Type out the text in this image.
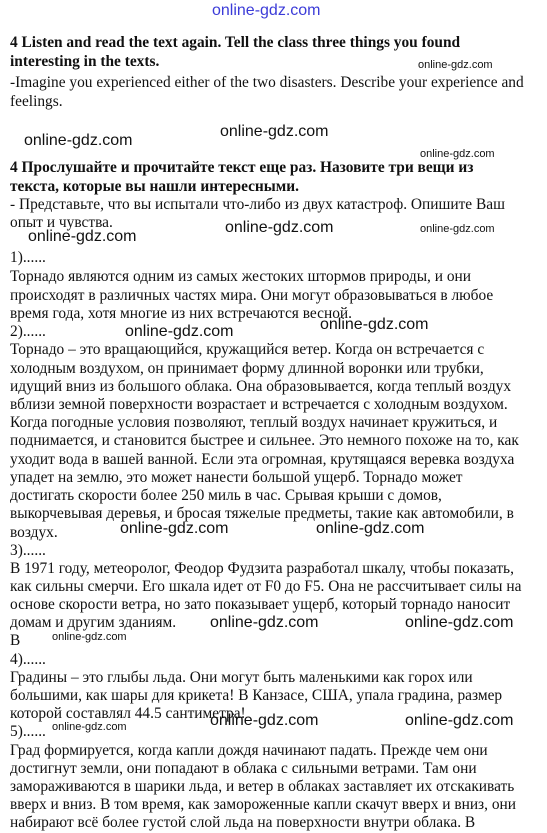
online-gdz.com
4 Listen and read the text again. Tell the class three things you found
interesting in the texts.
-Imagine you experienced either of the two disasters. Describe your experience and
feelings.
4 Прослушайте и прочитайте текст еще раз. Назовите три вещи из
текста, которые вы нашли интересными.
- Представьте, что вы испытали что-либо из двух катастроф. Опишите Ваш
опыт и чувства.
1)......
Торнадо являются одним из самых жестоких штормов природы, и они
происходят в различных частях мира. Они могут образовываться в любое
время года, хотя многие из них встречаются весной.
2)......
Торнадо – это вращающийся, кружащийся ветер. Когда он встречается с
холодным воздухом, он принимает форму длинной воронки или трубки,
идущий вниз из большого облака. Она образовывается, когда теплый воздух
вблизи земной поверхности возрастает и встречается с холодным воздухом.
Когда погодные условия позволяют, теплый воздух начинает кружиться, и
поднимается, и становится быстрее и сильнее. Это немного похоже на то, как
уходит вода в вашей ванной. Если эта огромная, крутящаяся веревка воздуха
упадет на землю, это может нанести большой ущерб. Торнадо может
достигать скорости более 250 миль в час. Срывая крыши с домов,
выкорчевывая деревья, и бросая тяжелые предметы, такие как автомобили, в
воздух.
3)......
В 1971 году, метеоролог, Феодор Фудзита разработал шкалу, чтобы показать,
как сильны смерчи. Его шкала идет от F0 до F5. Она не рассчитывает силы на
основе скорости ветра, но зато показывает ущерб, который торнадо наносит
домам и другим зданиям.
В
4)......
Градины – это глыбы льда. Они могут быть маленькими как горох или
большими, как шары для крикета! В Канзасе, США, упала градина, размер
которой составлял 44.5 сантиметра!
5)......
Град формируется, когда капли дождя начинают падать. Прежде чем они
достигнут земли, они попадают в облака с сильными ветрами. Там они
замораживаются в шарики льда, и ветер в облаках заставляет их отскакивать
вверх и вниз. В том время, как замороженные капли скачут вверх и вниз, они
набирают всё более густой слой льда на поверхности внутри облака. В
online-gdz.com
online-gdz.com
online-gdz.com
online-gdz.com
online-gdz.com
online-gdz.com	online-gdz.com
online-gdz.com	online-gdz.com
online-gdz.com	online-gdz.com
online-gdz.com	online-gdz.com
online-gdz.com
online-gdz.com	online-gdz.com
online-gdz.com
